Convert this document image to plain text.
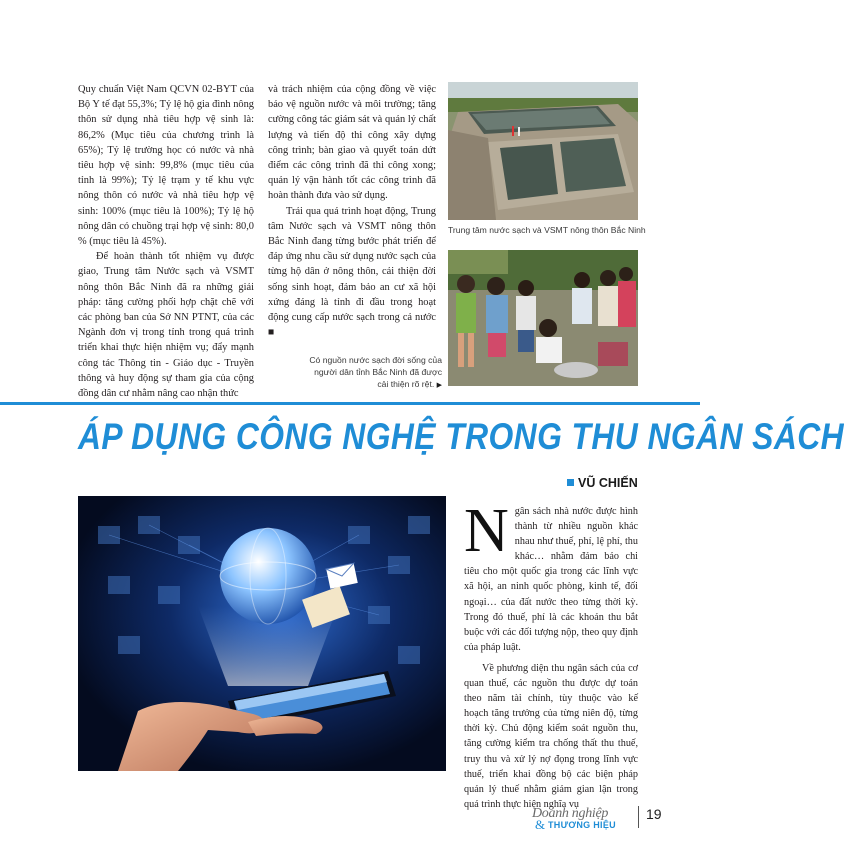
Quy chuẩn Việt Nam QCVN 02-BYT của Bộ Y tế đạt 55,3%; Tỷ lệ hộ gia đình nông thôn sử dụng nhà tiêu hợp vệ sinh là: 86,2% (Mục tiêu của chương trình là 65%); Tỷ lệ trường học có nước và nhà tiêu hợp vệ sinh: 99,8% (mục tiêu của tỉnh là 99%); Tỷ lệ trạm y tế khu vực nông thôn có nước và nhà tiêu hợp vệ sinh: 100% (mục tiêu là 100%); Tỷ lệ hộ nông dân có chuồng trại hợp vệ sinh: 80,0 % (mục tiêu là 45%).

Để hoàn thành tốt nhiệm vụ được giao, Trung tâm Nước sạch và VSMT nông thôn Bắc Ninh đã ra những giải pháp: tăng cường phối hợp chặt chẽ với các phòng ban của Sở NN PTNT, của các Ngành đơn vị trong tỉnh trong quá trình triển khai thực hiện nhiệm vụ; đẩy mạnh công tác Thông tin - Giáo dục - Truyền thông và huy động sự tham gia của cộng đồng dân cư nhằm nâng cao nhận thức

và trách nhiệm của cộng đồng về việc bảo vệ nguồn nước và môi trường; tăng cường công tác giám sát và quản lý chất lượng và tiến độ thi công xây dựng công trình; bàn giao và quyết toán dứt điểm các công trình đã thi công xong; quản lý vận hành tốt các công trình đã hoàn thành đưa vào sử dụng.

Trải qua quá trình hoạt động, Trung tâm Nước sạch và VSMT nông thôn Bắc Ninh đang từng bước phát triển để đáp ứng nhu cầu sử dụng nước sạch của từng hộ dân ở nông thôn, cải thiện đời sống sinh hoạt, đảm bảo an cư xã hội xứng đáng là tỉnh đi đầu trong hoạt động cung cấp nước sạch trong cả nước ■

Trung tâm nước sạch và VSMT nông thôn Bắc Ninh
Có nguồn nước sạch đời sống của người dân tỉnh Bắc Ninh đã được cải thiện rõ rệt. ▶
ÁP DỤNG CÔNG NGHỆ TRONG THU NGÂN SÁCH
VŨ CHIẾN

Ngân sách nhà nước được hình thành từ nhiều nguồn khác nhau như thuế, phí, lệ phí, thu khác… nhằm đảm bảo chi tiêu cho một quốc gia trong các lĩnh vực xã hội, an ninh quốc phòng, kinh tế, đối ngoại… của đất nước theo từng thời kỳ. Trong đó thuế, phí là các khoản thu bắt buộc với các đối tượng nộp, theo quy định của pháp luật.

Về phương diện thu ngân sách của cơ quan thuế, các nguồn thu được dự toán theo năm tài chính, tùy thuộc vào kế hoạch tăng trưởng của từng niên độ, từng thời kỳ. Chủ động kiểm soát nguồn thu, tăng cường kiểm tra chống thất thu thuế, truy thu và xử lý nợ đọng trong lĩnh vực thuế, triển khai đồng bộ các biện pháp quản lý thuế nhằm giảm gian lận trong quá trình thực hiện nghĩa vụ

Doanh nghiệp
& THƯƠNG HIỆU
19
